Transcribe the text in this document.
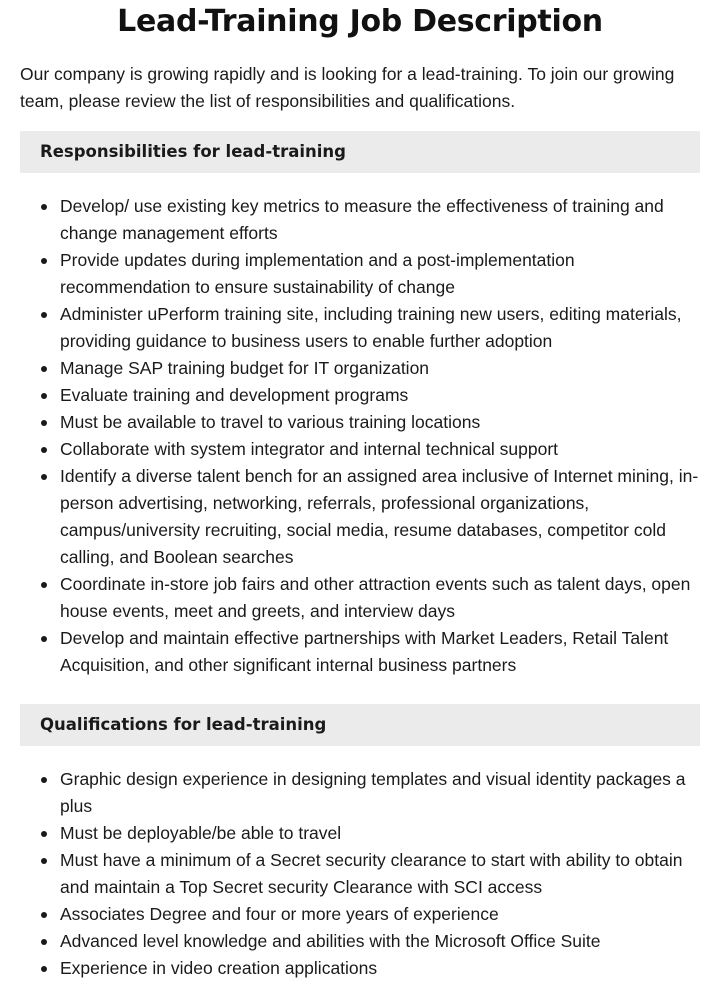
Lead-Training Job Description

Our company is growing rapidly and is looking for a lead-training. To join our growing team, please review the list of responsibilities and qualifications.

Responsibilities for lead-training
Develop/ use existing key metrics to measure the effectiveness of training and change management efforts
Provide updates during implementation and a post-implementation recommendation to ensure sustainability of change
Administer uPerform training site, including training new users, editing materials, providing guidance to business users to enable further adoption
Manage SAP training budget for IT organization
Evaluate training and development programs
Must be available to travel to various training locations
Collaborate with system integrator and internal technical support
Identify a diverse talent bench for an assigned area inclusive of Internet mining, in-person advertising, networking, referrals, professional organizations, campus/university recruiting, social media, resume databases, competitor cold calling, and Boolean searches
Coordinate in-store job fairs and other attraction events such as talent days, open house events, meet and greets, and interview days
Develop and maintain effective partnerships with Market Leaders, Retail Talent Acquisition, and other significant internal business partners
Qualifications for lead-training
Graphic design experience in designing templates and visual identity packages a plus
Must be deployable/be able to travel
Must have a minimum of a Secret security clearance to start with ability to obtain and maintain a Top Secret security Clearance with SCI access
Associates Degree and four or more years of experience
Advanced level knowledge and abilities with the Microsoft Office Suite
Experience in video creation applications
